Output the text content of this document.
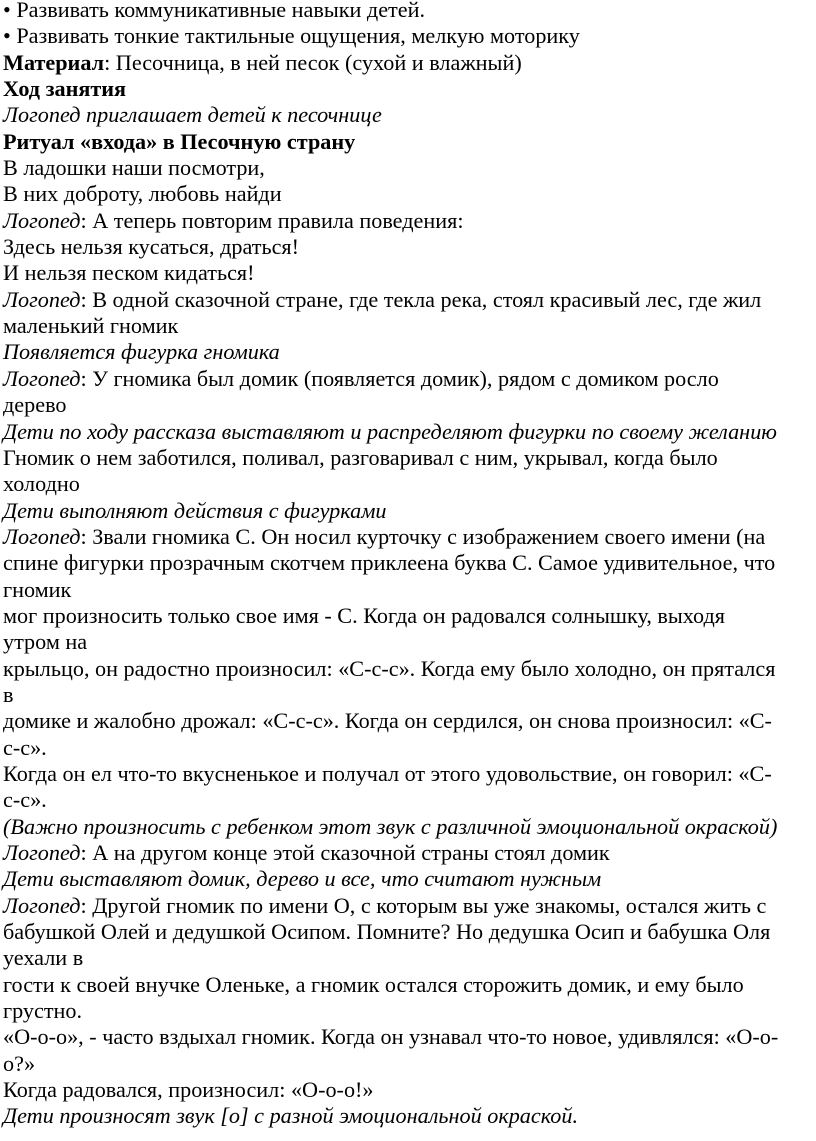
• Развивать коммуникативные навыки детей.
• Развивать тонкие тактильные ощущения, мелкую моторику
Материал: Песочница, в ней песок (сухой и влажный)
Ход занятия
Логопед приглашает детей к песочнице
Ритуал «входа» в Песочную страну
В ладошки наши посмотри,
В них доброту, любовь найди
Логопед: А теперь повторим правила поведения:
Здесь нельзя кусаться, драться!
И нельзя песком кидаться!
Логопед: В одной сказочной стране, где текла река, стоял красивый лес, где жил
маленький гномик
Появляется фигурка гномика
Логопед: У гномика был домик (появляется домик), рядом с домиком росло
дерево
Дети по ходу рассказа выставляют и распределяют фигурки по своему желанию
Гномик о нем заботился, поливал, разговаривал с ним, укрывал, когда было
холодно
Дети выполняют действия с фигурками
Логопед: Звали гномика С. Он носил курточку с изображением своего имени (на
спине фигурки прозрачным скотчем приклеена буква С. Самое удивительное, что
гномик
мог произносить только свое имя - С. Когда он радовался солнышку, выходя
утром на
крыльцо, он радостно произносил: «С-с-с». Когда ему было холодно, он прятался
в
домике и жалобно дрожал: «С-с-с». Когда он сердился, он снова произносил: «С-
с-с».
Когда он ел что-то вкусненькое и получал от этого удовольствие, он говорил: «С-
с-с».
(Важно произносить с ребенком этот звук с различной эмоциональной окраской)
Логопед: А на другом конце этой сказочной страны стоял домик
Дети выставляют домик, дерево и все, что считают нужным
Логопед: Другой гномик по имени О, с которым вы уже знакомы, остался жить с
бабушкой Олей и дедушкой Осипом. Помните? Но дедушка Осип и бабушка Оля
уехали в
гости к своей внучке Оленьке, а гномик остался сторожить домик, и ему было
грустно.
«О-о-о», - часто вздыхал гномик. Когда он узнавал что-то новое, удивлялся: «О-о-
о?»
Когда радовался, произносил: «О-о-о!»
Дети произносят звук [о] с разной эмоциональной окраской.
